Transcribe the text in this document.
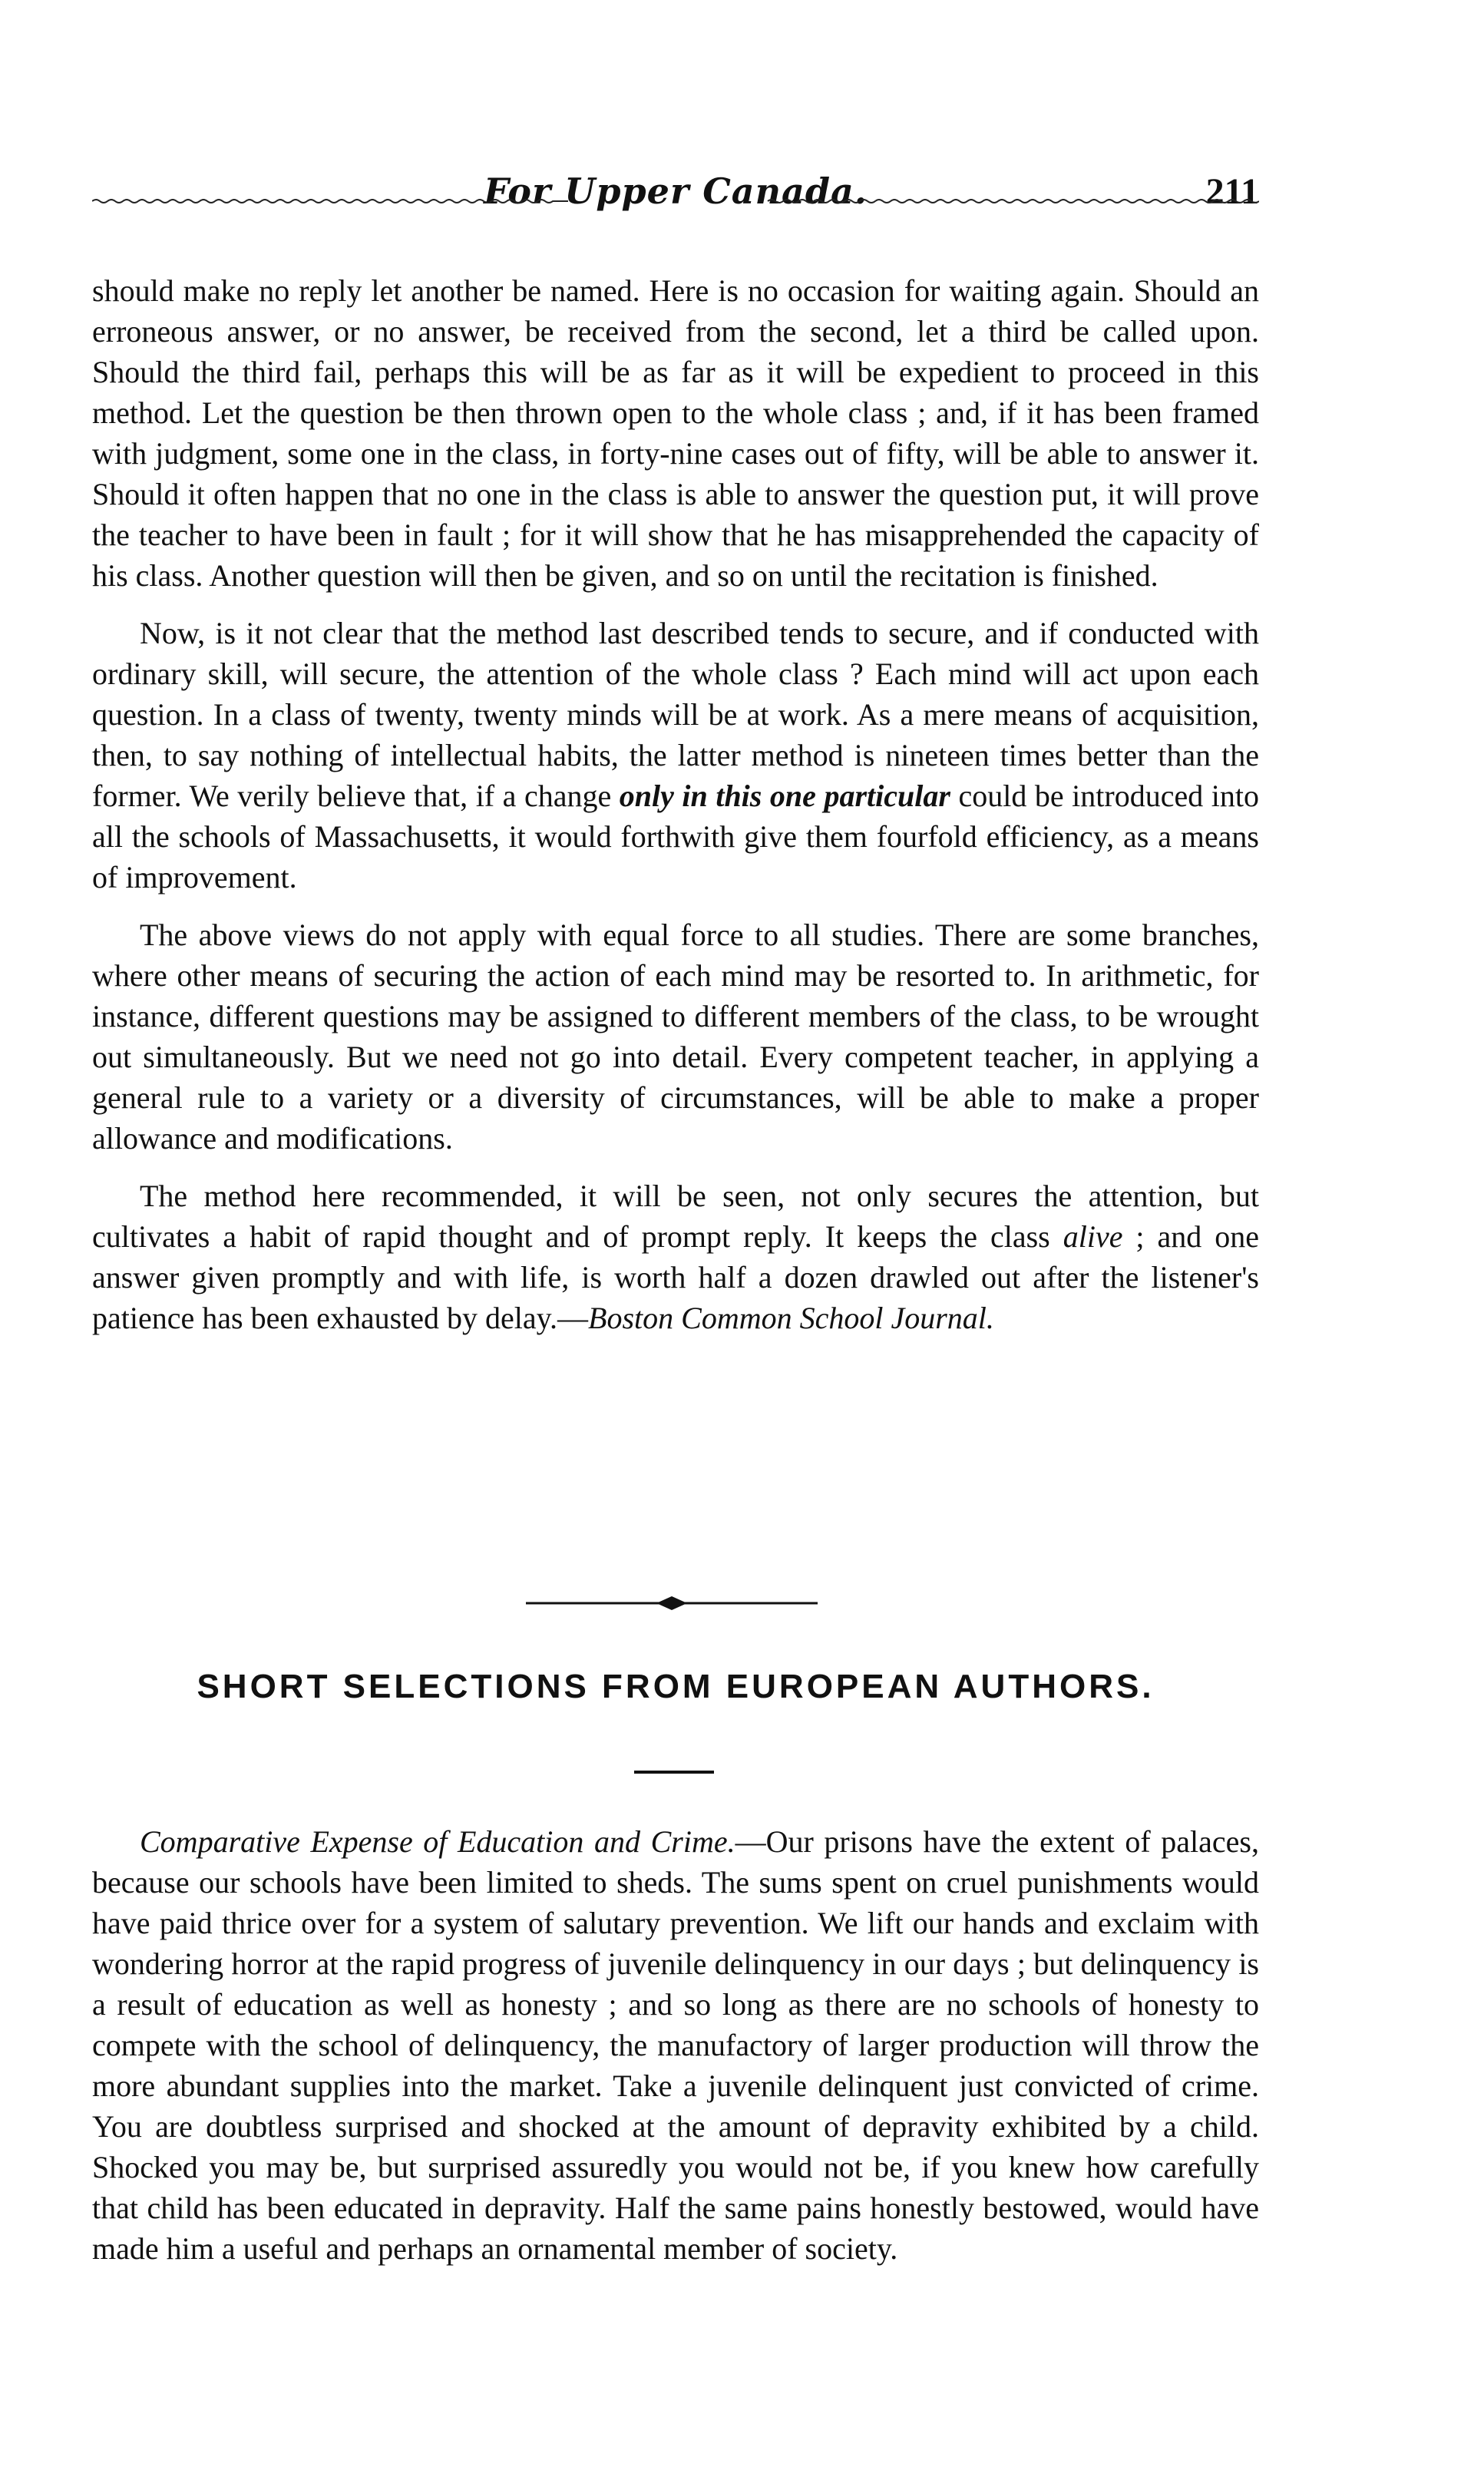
For Upper Canada.	211

should make no reply let another be named. Here is no occasion for waiting again. Should an erroneous answer, or no answer, be received from the second, let a third be called upon. Should the third fail, perhaps this will be as far as it will be expedient to proceed in this method. Let the question be then thrown open to the whole class ; and, if it has been framed with judgment, some one in the class, in forty-nine cases out of fifty, will be able to answer it. Should it often happen that no one in the class is able to answer the question put, it will prove the teacher to have been in fault ; for it will show that he has misapprehended the capacity of his class. Another question will then be given, and so on until the recitation is finished.

Now, is it not clear that the method last described tends to secure, and if conducted with ordinary skill, will secure, the attention of the whole class ? Each mind will act upon each question. In a class of twenty, twenty minds will be at work. As a mere means of acquisition, then, to say nothing of intellectual habits, the latter method is nineteen times better than the former. We verily believe that, if a change only in this one particular could be introduced into all the schools of Massachusetts, it would forthwith give them fourfold efficiency, as a means of improvement.

The above views do not apply with equal force to all studies. There are some branches, where other means of securing the action of each mind may be resorted to. In arithmetic, for instance, different questions may be assigned to different members of the class, to be wrought out simultaneously. But we need not go into detail. Every competent teacher, in applying a general rule to a variety or a diversity of circumstances, will be able to make a proper allowance and modifications.

The method here recommended, it will be seen, not only secures the attention, but cultivates a habit of rapid thought and of prompt reply. It keeps the class alive ; and one answer given promptly and with life, is worth half a dozen drawled out after the listener's patience has been exhausted by delay.—Boston Common School Journal.

SHORT SELECTIONS FROM EUROPEAN AUTHORS.

Comparative Expense of Education and Crime.—Our prisons have the extent of palaces, because our schools have been limited to sheds. The sums spent on cruel punishments would have paid thrice over for a system of salutary prevention. We lift our hands and exclaim with wondering horror at the rapid progress of juvenile delinquency in our days ; but delinquency is a result of education as well as honesty ; and so long as there are no schools of honesty to compete with the school of delinquency, the manufactory of larger production will throw the more abundant supplies into the market. Take a juvenile delinquent just convicted of crime. You are doubtless surprised and shocked at the amount of depravity exhibited by a child. Shocked you may be, but surprised assuredly you would not be, if you knew how carefully that child has been educated in depravity. Half the same pains honestly bestowed, would have made him a useful and perhaps an ornamental member of society.
